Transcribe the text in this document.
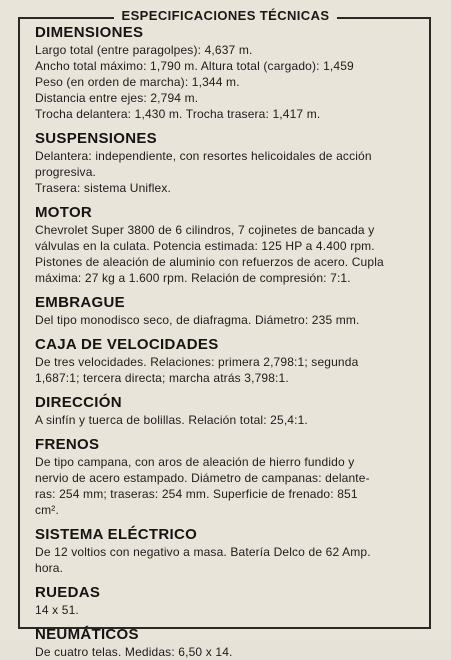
ESPECIFICACIONES TÉCNICAS
DIMENSIONES
Largo total (entre paragolpes): 4,637 m.
Ancho total máximo: 1,790 m. Altura total (cargado): 1,459
Peso (en orden de marcha): 1,344 m.
Distancia entre ejes: 2,794 m.
Trocha delantera: 1,430 m. Trocha trasera: 1,417 m.
SUSPENSIONES
Delantera: independiente, con resortes helicoidales de acción
progresiva.
Trasera: sistema Uniflex.
MOTOR
Chevrolet Super 3800 de 6 cilindros, 7 cojinetes de bancada y
válvulas en la culata. Potencia estimada: 125 HP a 4.400 rpm.
Pistones de aleación de aluminio con refuerzos de acero. Cupla
máxima: 27 kg a 1.600 rpm. Relación de compresión: 7:1.
EMBRAGUE
Del tipo monodisco seco, de diafragma. Diámetro: 235 mm.
CAJA DE VELOCIDADES
De tres velocidades. Relaciones: primera 2,798:1; segunda
1,687:1; tercera directa; marcha atrás 3,798:1.
DIRECCIÓN
A sinfín y tuerca de bolillas. Relación total: 25,4:1.
FRENOS
De tipo campana, con aros de aleación de hierro fundido y
nervio de acero estampado. Diámetro de campanas: delante-
ras: 254 mm; traseras: 254 mm. Superficie de frenado: 851
cm².
SISTEMA ELÉCTRICO
De 12 voltios con negativo a masa. Batería Delco de 62 Amp.
hora.
RUEDAS
14 x 51.
NEUMÁTICOS
De cuatro telas. Medidas: 6,50 x 14.
